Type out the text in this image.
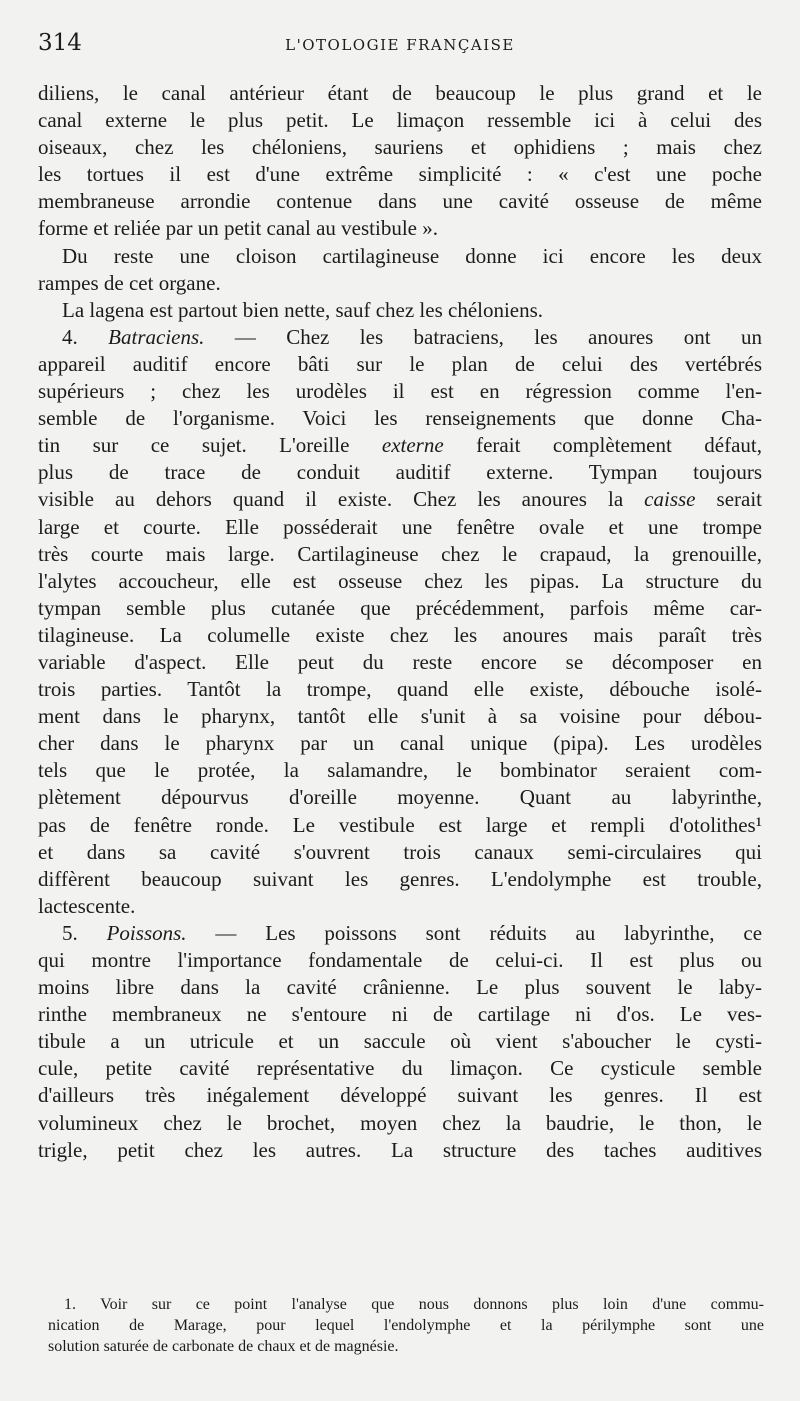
314	L'OTOLOGIE FRANÇAISE
diliens, le canal antérieur étant de beaucoup le plus grand et le
canal externe le plus petit. Le limaçon ressemble ici à celui des
oiseaux, chez les chéloniens, sauriens et ophidiens ; mais chez
les tortues il est d'une extrême simplicité : « c'est une poche
membraneuse arrondie contenue dans une cavité osseuse de même
forme et reliée par un petit canal au vestibule ».
Du reste une cloison cartilagineuse donne ici encore les deux
rampes de cet organe.
La lagena est partout bien nette, sauf chez les chéloniens.
4. Batraciens. — Chez les batraciens, les anoures ont un
appareil auditif encore bâti sur le plan de celui des vertébrés
supérieurs ; chez les urodèles il est en régression comme l'en-
semble de l'organisme. Voici les renseignements que donne Cha-
tin sur ce sujet. L'oreille externe ferait complètement défaut,
plus de trace de conduit auditif externe. Tympan toujours
visible au dehors quand il existe. Chez les anoures la caisse serait
large et courte. Elle posséderait une fenêtre ovale et une trompe
très courte mais large. Cartilagineuse chez le crapaud, la grenouille,
l'alytes accoucheur, elle est osseuse chez les pipas. La structure du
tympan semble plus cutanée que précédemment, parfois même car-
tilagineuse. La columelle existe chez les anoures mais paraît très
variable d'aspect. Elle peut du reste encore se décomposer en
trois parties. Tantôt la trompe, quand elle existe, débouche isolé-
ment dans le pharynx, tantôt elle s'unit à sa voisine pour débou-
cher dans le pharynx par un canal unique (pipa). Les urodèles
tels que le protée, la salamandre, le bombinator seraient com-
plètement dépourvus d'oreille moyenne. Quant au labyrinthe,
pas de fenêtre ronde. Le vestibule est large et rempli d'otolithes¹
et dans sa cavité s'ouvrent trois canaux semi-circulaires qui
diffèrent beaucoup suivant les genres. L'endolymphe est trouble,
lactescente.
5. Poissons. — Les poissons sont réduits au labyrinthe, ce
qui montre l'importance fondamentale de celui-ci. Il est plus ou
moins libre dans la cavité crânienne. Le plus souvent le laby-
rinthe membraneux ne s'entoure ni de cartilage ni d'os. Le ves-
tibule a un utricule et un saccule où vient s'aboucher le cysti-
cule, petite cavité représentative du limaçon. Ce cysticule semble
d'ailleurs très inégalement développé suivant les genres. Il est
volumineux chez le brochet, moyen chez la baudrie, le thon, le
trigle, petit chez les autres. La structure des taches auditives
1. Voir sur ce point l'analyse que nous donnons plus loin d'une commu-
nication de Marage, pour lequel l'endolymphe et la périlymphe sont une
solution saturée de carbonate de chaux et de magnésie.
